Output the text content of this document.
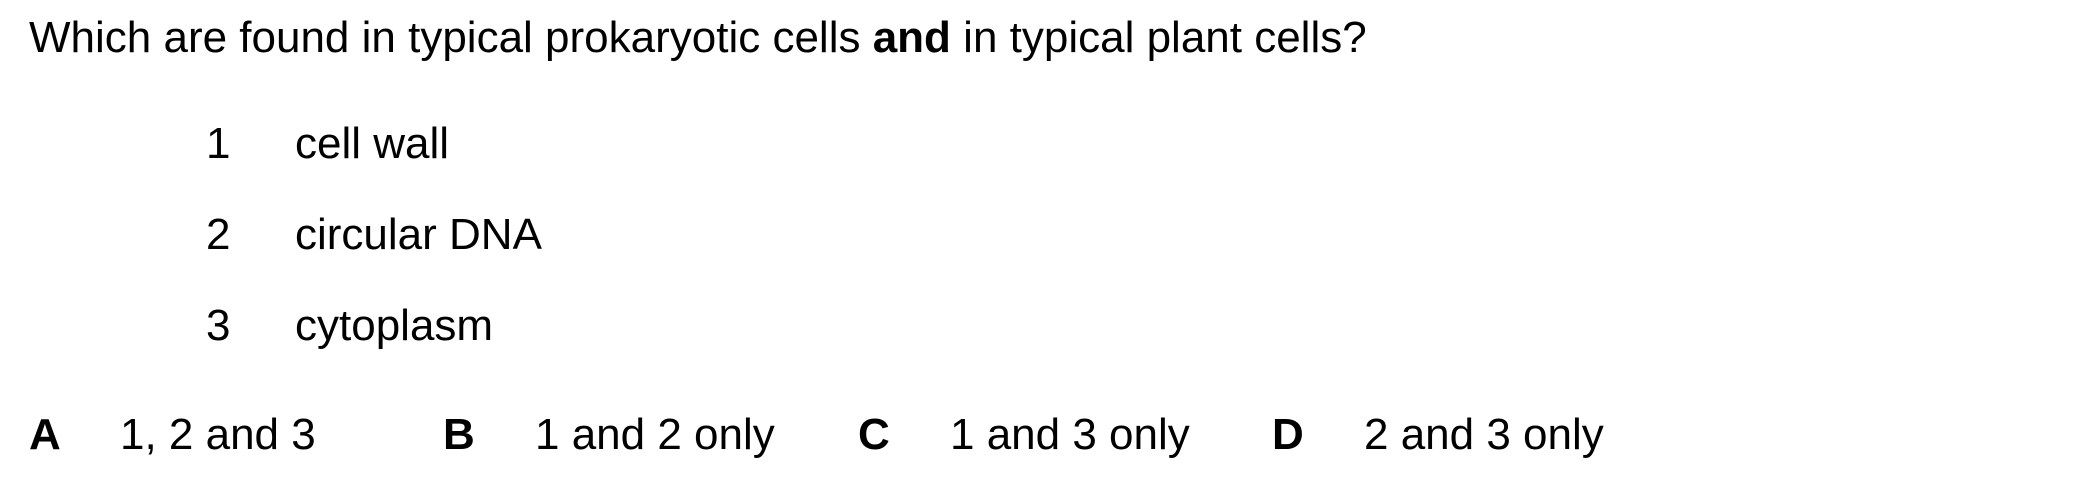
Which are found in typical prokaryotic cells and in typical plant cells?
1 cell wall
2 circular DNA
3 cytoplasm
A 1, 2 and 3	B 1 and 2 only C 1 and 3 only D 2 and 3 only
